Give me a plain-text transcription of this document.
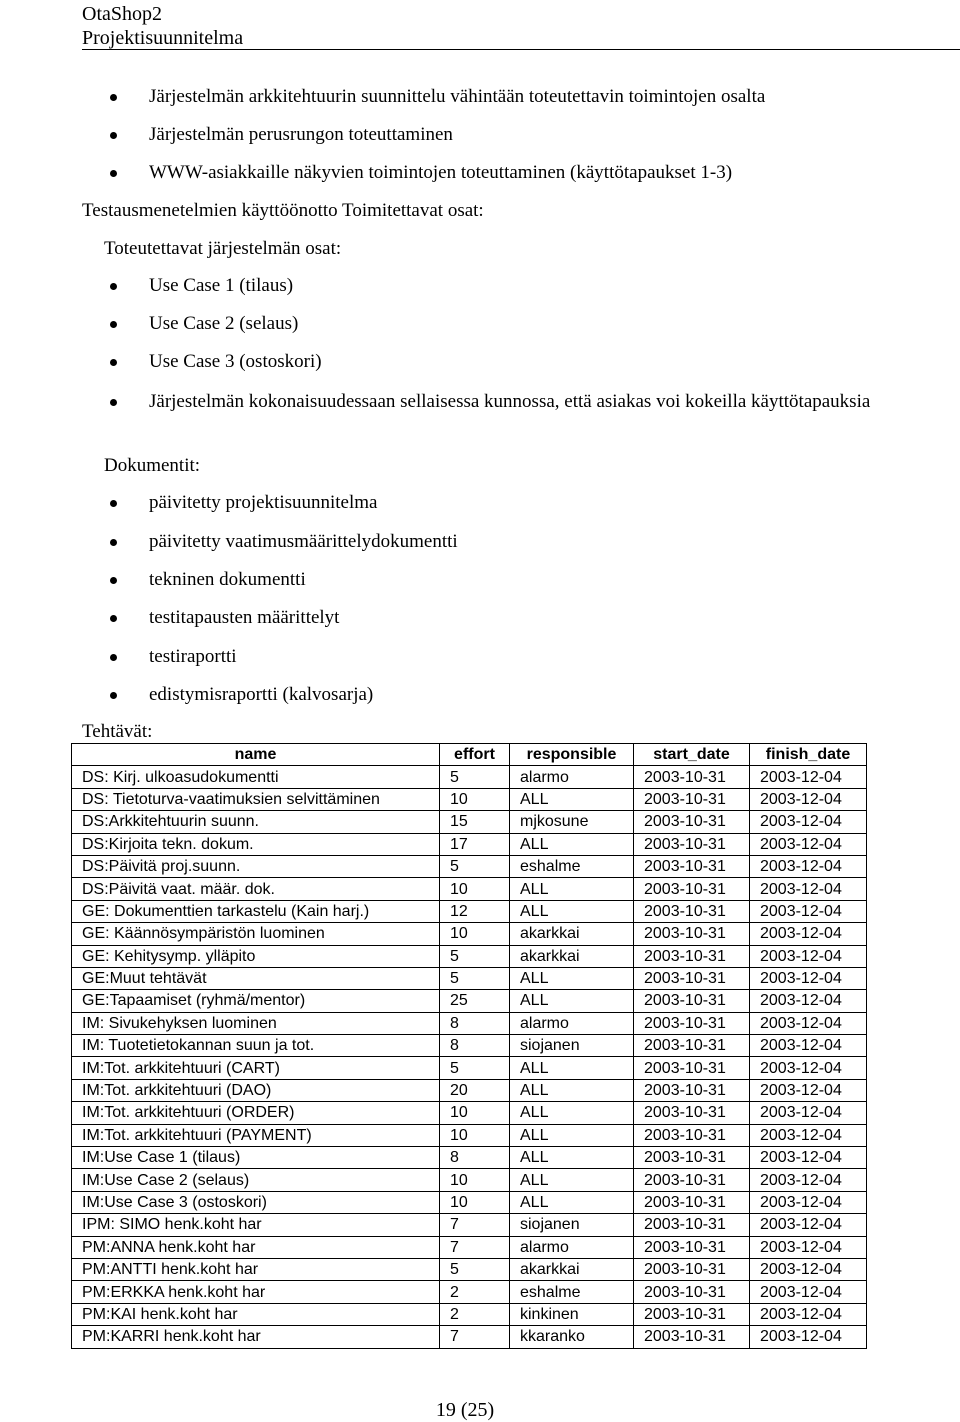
OtaShop2
Projektisuunnitelma
Järjestelmän arkkitehtuurin suunnittelu vähintään toteutettavin toimintojen osalta
Järjestelmän perusrungon toteuttaminen
WWW-asiakkaille näkyvien toimintojen toteuttaminen (käyttötapaukset 1-3)
Testausmenetelmien käyttöönotto Toimitettavat osat:
Toteutettavat järjestelmän osat:
Use Case 1 (tilaus)
Use Case 2 (selaus)
Use Case 3 (ostoskori)
Järjestelmän kokonaisuudessaan sellaisessa kunnossa, että asiakas voi kokeilla käyttötapauksia
Dokumentit:
päivitetty projektisuunnitelma
päivitetty vaatimusmäärittelydokumentti
tekninen dokumentti
testitapausten määrittelyt
testiraportti
edistymisraportti (kalvosarja)
Tehtävät:
name	effort	responsible	start_date	finish_date
DS: Kirj. ulkoasudokumentti	5	alarmo	2003-10-31	2003-12-04
DS: Tietoturva-vaatimuksien selvittäminen	10	ALL	2003-10-31	2003-12-04
DS:Arkkitehtuurin suunn.	15	mjkosune	2003-10-31	2003-12-04
DS:Kirjoita tekn. dokum.	17	ALL	2003-10-31	2003-12-04
DS:Päivitä proj.suunn.	5	eshalme	2003-10-31	2003-12-04
DS:Päivitä vaat. määr. dok.	10	ALL	2003-10-31	2003-12-04
GE: Dokumenttien tarkastelu (Kain harj.)	12	ALL	2003-10-31	2003-12-04
GE: Käännösympäristön luominen	10	akarkkai	2003-10-31	2003-12-04
GE: Kehitysymp. ylläpito	5	akarkkai	2003-10-31	2003-12-04
GE:Muut tehtävät	5	ALL	2003-10-31	2003-12-04
GE:Tapaamiset (ryhmä/mentor)	25	ALL	2003-10-31	2003-12-04
IM: Sivukehyksen luominen	8	alarmo	2003-10-31	2003-12-04
IM: Tuotetietokannan suun ja tot.	8	siojanen	2003-10-31	2003-12-04
IM:Tot. arkkitehtuuri (CART)	5	ALL	2003-10-31	2003-12-04
IM:Tot. arkkitehtuuri (DAO)	20	ALL	2003-10-31	2003-12-04
IM:Tot. arkkitehtuuri (ORDER)	10	ALL	2003-10-31	2003-12-04
IM:Tot. arkkitehtuuri (PAYMENT)	10	ALL	2003-10-31	2003-12-04
IM:Use Case 1 (tilaus)	8	ALL	2003-10-31	2003-12-04
IM:Use Case 2 (selaus)	10	ALL	2003-10-31	2003-12-04
IM:Use Case 3 (ostoskori)	10	ALL	2003-10-31	2003-12-04
IPM: SIMO henk.koht har	7	siojanen	2003-10-31	2003-12-04
PM:ANNA henk.koht har	7	alarmo	2003-10-31	2003-12-04
PM:ANTTI henk.koht har	5	akarkkai	2003-10-31	2003-12-04
PM:ERKKA henk.koht har	2	eshalme	2003-10-31	2003-12-04
PM:KAI henk.koht har	2	kinkinen	2003-10-31	2003-12-04
PM:KARRI henk.koht har	7	kkaranko	2003-10-31	2003-12-04
19 (25)
